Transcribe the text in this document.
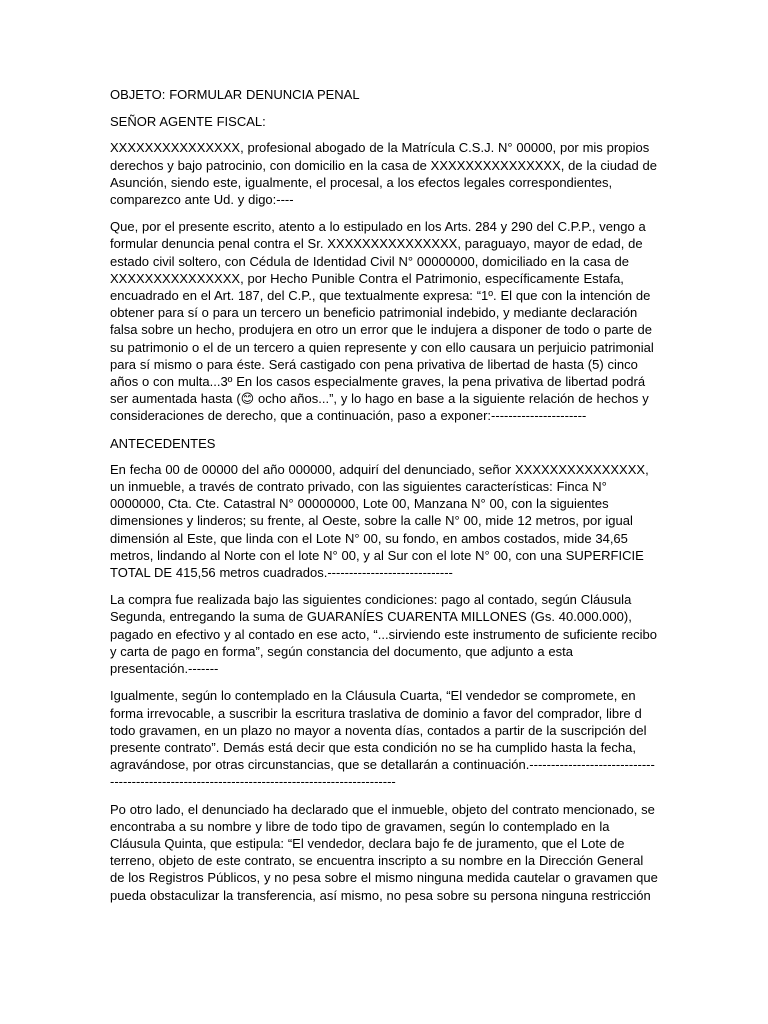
OBJETO: FORMULAR DENUNCIA PENAL

SEÑOR AGENTE FISCAL:

XXXXXXXXXXXXXXX, profesional abogado de la Matrícula C.S.J. N° 00000, por mis propios derechos y bajo patrocinio, con domicilio en la casa de XXXXXXXXXXXXXXX, de la ciudad de Asunción, siendo este, igualmente, el procesal, a los efectos legales correspondientes, comparezco ante Ud. y digo:----

Que, por el presente escrito, atento a lo estipulado en los Arts. 284 y 290 del C.P.P., vengo a formular denuncia penal contra el Sr. XXXXXXXXXXXXXXX, paraguayo, mayor de edad, de estado civil soltero, con Cédula de Identidad Civil N° 00000000, domiciliado en la casa de XXXXXXXXXXXXXXX, por Hecho Punible Contra el Patrimonio, específicamente Estafa, encuadrado en el Art. 187, del C.P., que textualmente expresa: “1º. El que con la intención de obtener para sí o para un tercero un beneficio patrimonial indebido, y mediante declaración falsa sobre un hecho, produjera en otro un error que le indujera a disponer de todo o parte de su patrimonio o el de un tercero a quien represente y con ello causara un perjuicio patrimonial para sí mismo o para éste. Será castigado con pena privativa de libertad de hasta (5) cinco años o con multa...3º En los casos especialmente graves, la pena privativa de libertad podrá ser aumentada hasta (😊 ocho años...”, y lo hago en base a la siguiente relación de hechos y consideraciones de derecho, que a continuación, paso a exponer:----------------------

ANTECEDENTES

En fecha 00 de 00000 del año 000000, adquirí del denunciado, señor XXXXXXXXXXXXXXX, un inmueble, a través de contrato privado, con las siguientes características: Finca N° 0000000, Cta. Cte. Catastral N° 00000000, Lote 00, Manzana N° 00, con la siguientes dimensiones y linderos; su frente, al Oeste, sobre la calle N° 00, mide 12 metros, por igual dimensión al Este, que linda con el Lote N° 00, su fondo, en ambos costados, mide 34,65 metros, lindando al Norte con el lote N° 00, y al Sur con el lote N° 00, con una SUPERFICIE TOTAL DE 415,56 metros cuadrados.-----------------------------

La compra fue realizada bajo las siguientes condiciones: pago al contado, según Cláusula Segunda, entregando la suma de GUARANÍES CUARENTA MILLONES (Gs. 40.000.000), pagado en efectivo y al contado en ese acto, “...sirviendo este instrumento de suficiente recibo y carta de pago en forma”, según constancia del documento, que adjunto a esta presentación.-------

Igualmente, según lo contemplado en la Cláusula Cuarta, “El vendedor se compromete, en forma irrevocable, a suscribir la escritura traslativa de dominio a favor del comprador, libre d todo gravamen, en un plazo no mayor a noventa días, contados a partir de la suscripción del presente contrato”. Demás está decir que esta condición no se ha cumplido hasta la fecha, agravándose, por otras circunstancias, que se detallarán a continuación.-----------------------------------------------------------------------------------------------

Po otro lado, el denunciado ha declarado que el inmueble, objeto del contrato mencionado, se encontraba a su nombre y libre de todo tipo de gravamen, según lo contemplado en la Cláusula Quinta, que estipula: “El vendedor, declara bajo fe de juramento, que el Lote de terreno, objeto de este contrato, se encuentra inscripto a su nombre en la Dirección General de los Registros Públicos, y no pesa sobre el mismo ninguna medida cautelar o gravamen que pueda obstaculizar la transferencia, así mismo, no pesa sobre su persona ninguna restricción
